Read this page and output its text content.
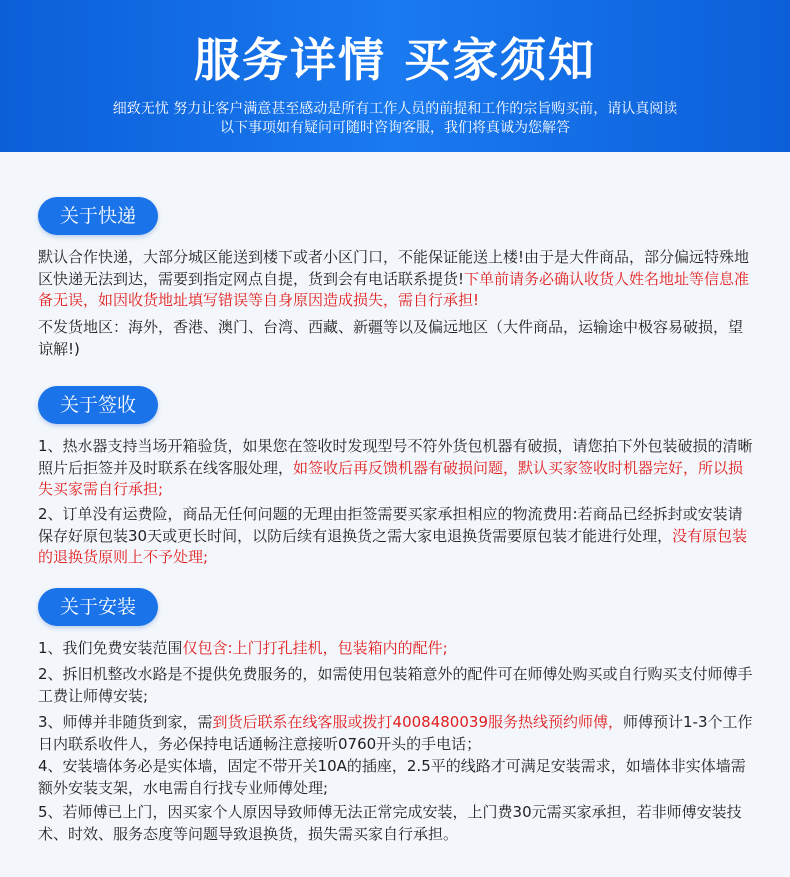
服务详情 买家须知
细致无忧 努力让客户满意甚至感动是所有工作人员的前提和工作的宗旨购买前，请认真阅读以下事项如有疑问可随时咨询客服，我们将真诚为您解答
关于快递
默认合作快递，大部分城区能送到楼下或者小区门口，不能保证能送上楼!由于是大件商品，部分偏远特殊地区快递无法到达，需要到指定网点自提，货到会有电话联系提货!下单前请务必确认收货人姓名地址等信息准备无误，如因收货地址填写错误等自身原因造成损失，需自行承担!
不发货地区：海外，香港、澳门、台湾、西藏、新疆等以及偏远地区（大件商品，运输途中极容易破损，望谅解!)
关于签收
1、热水器支持当场开箱验货，如果您在签收时发现型号不符外货包机器有破损，请您拍下外包装破损的清晰照片后拒签并及时联系在线客服处理，如签收后再反馈机器有破损问题，默认买家签收时机器完好，所以损失买家需自行承担;
2、订单没有运费险，商品无任何问题的无理由拒签需要买家承担相应的物流费用:若商品已经拆封或安装请保存好原包装30天或更长时间，以防后续有退换货之需大家电退换货需要原包装才能进行处理，没有原包装的退换货原则上不予处理;
关于安装
1、我们免费安装范围仅包含:上门打孔挂机，包装箱内的配件;
2、拆旧机整改水路是不提供免费服务的，如需使用包装箱意外的配件可在师傅处购买或自行购买支付师傅手工费让师傅安装;
3、师傅并非随货到家，需到货后联系在线客服或拨打4008480039服务热线预约师傅，师傅预计1-3个工作日内联系收件人，务必保持电话通畅注意接听0760开头的手电话；
4、安装墙体务必是实体墙，固定不带开关10A的插座，2.5平的线路才可满足安装需求，如墙体非实体墙需额外安装支架，水电需自行找专业师傅处理;
5、若师傅已上门，因买家个人原因导致师傅无法正常完成安装，上门费30元需买家承担，若非师傅安装技术、时效、服务态度等问题导致退换货，损失需买家自行承担。
